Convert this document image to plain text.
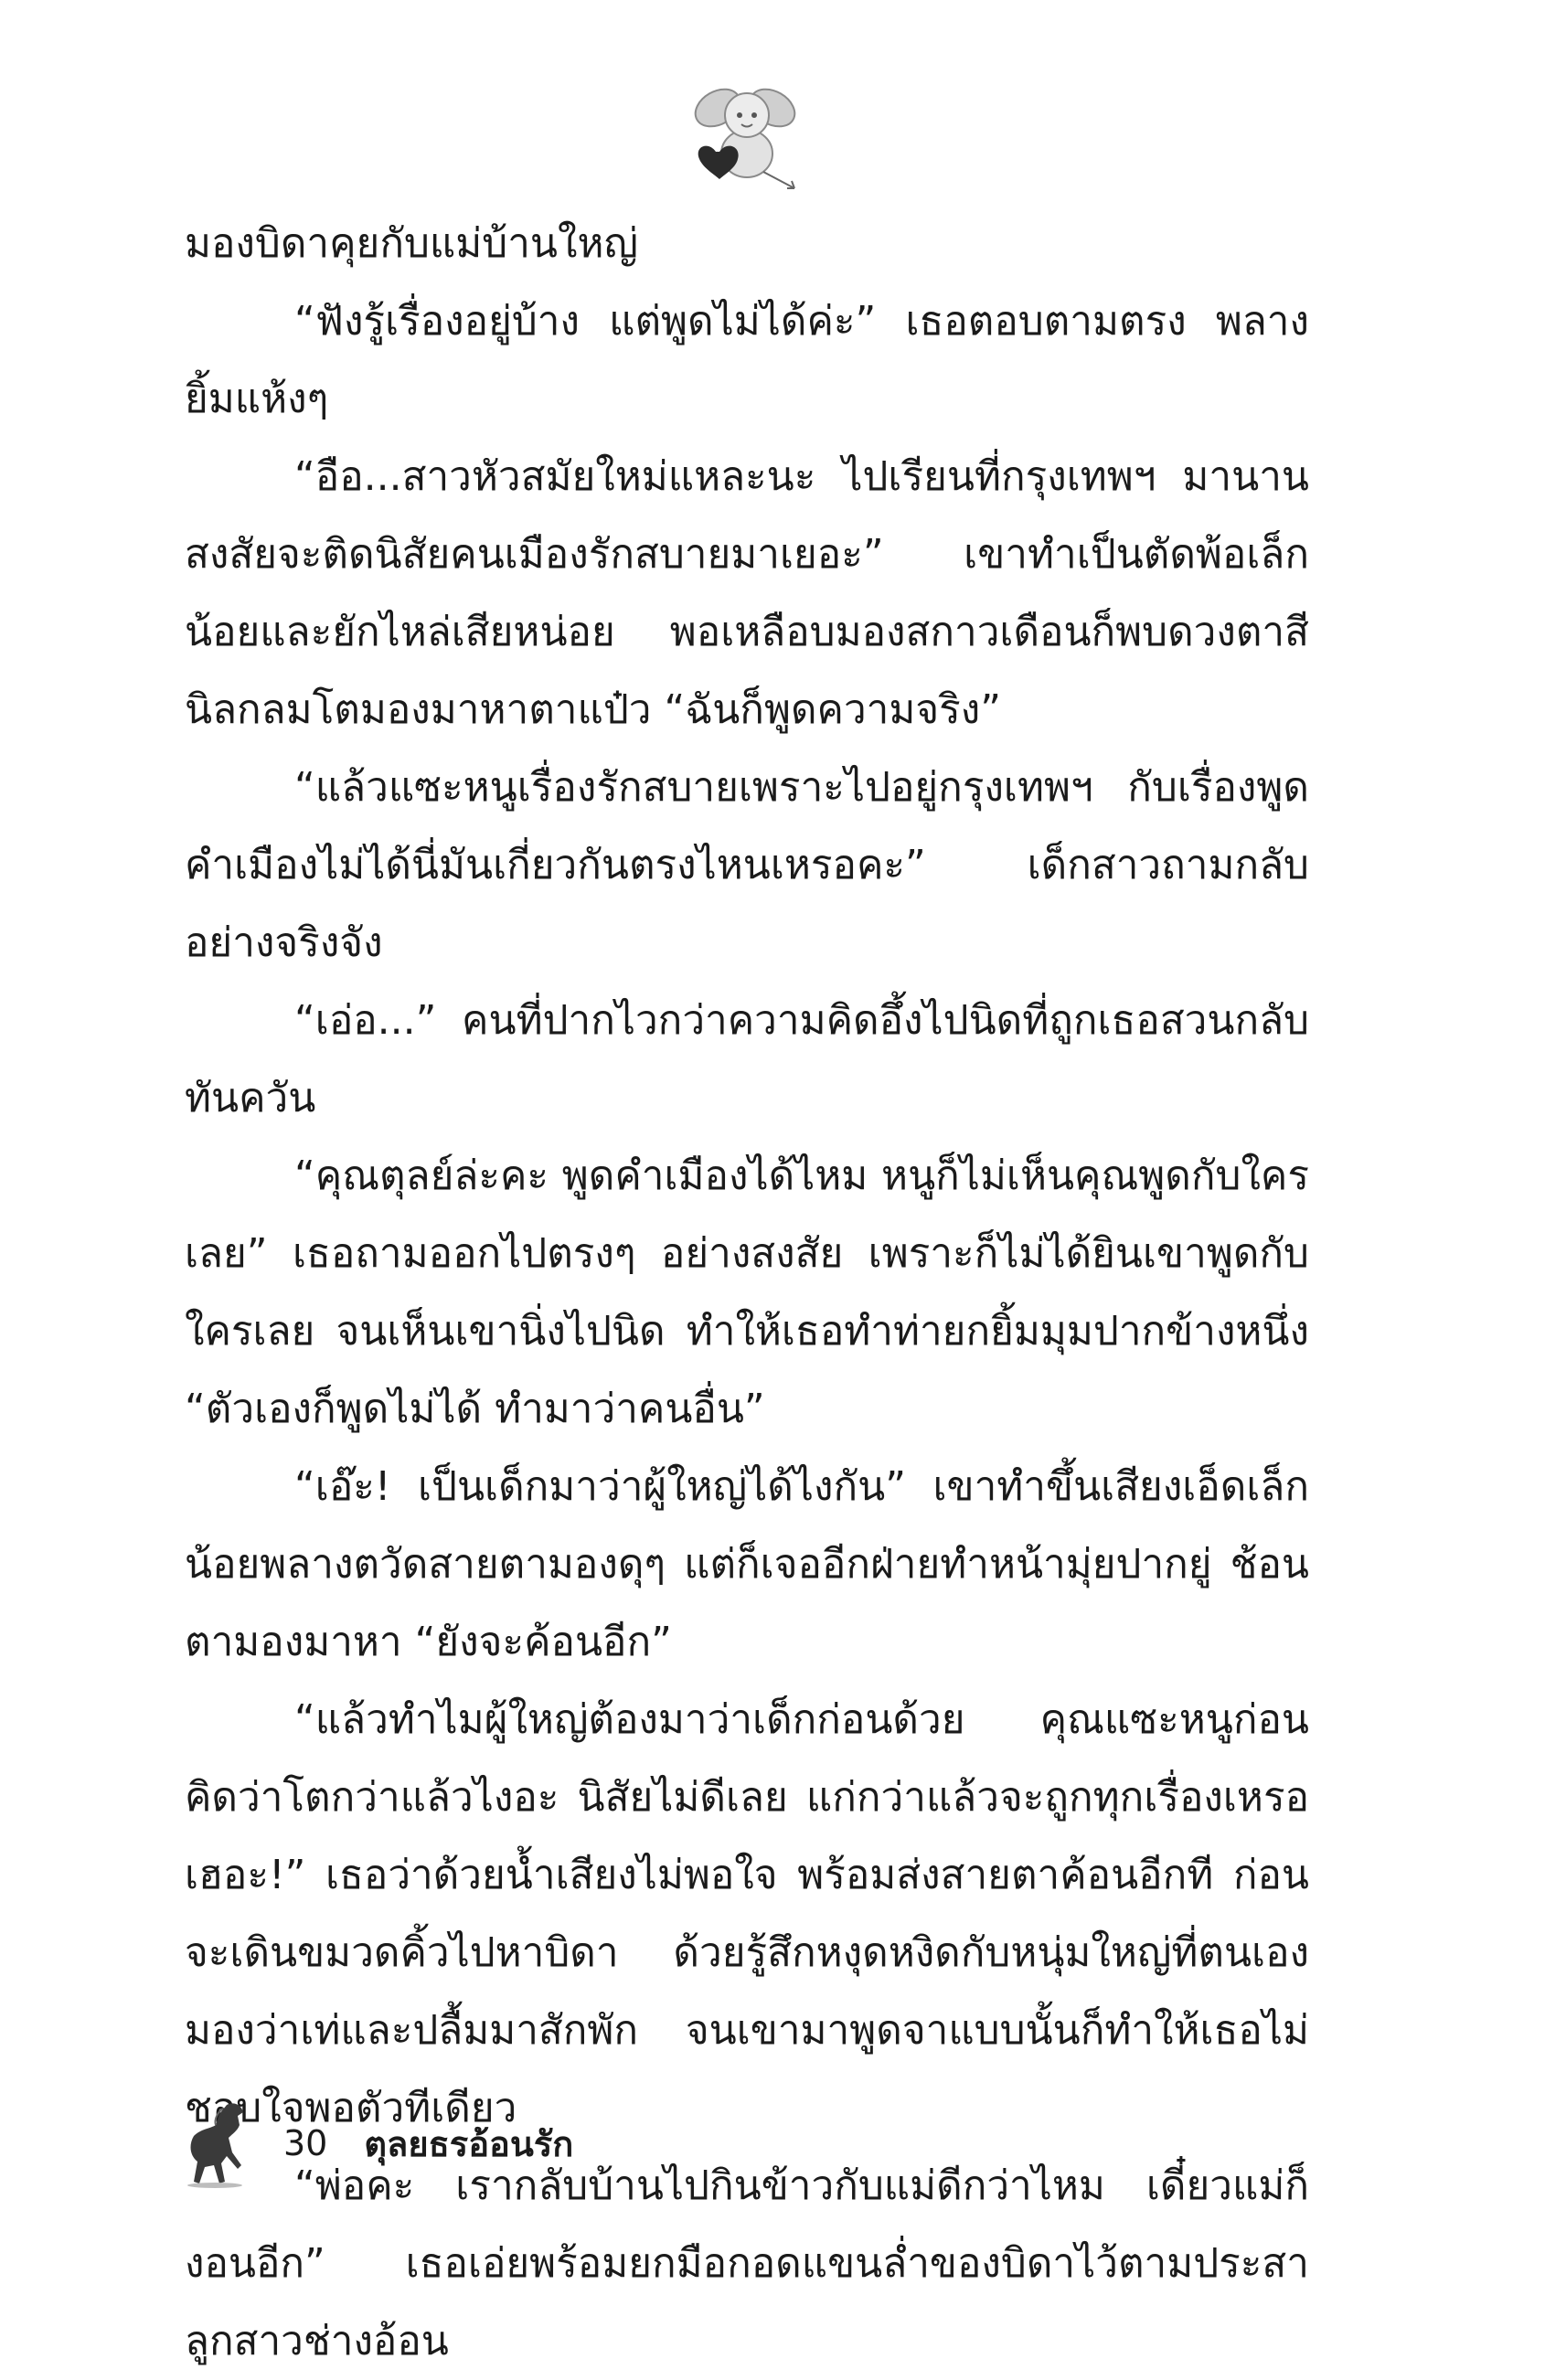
มองบิดาคุยกับแม่บ้านใหญ่

“ฟังรู้เรื่องอยู่บ้าง แต่พูดไม่ได้ค่ะ” เธอตอบตามตรง พลางยิ้มแห้งๆ

“อือ...สาวหัวสมัยใหม่แหละนะ ไปเรียนที่กรุงเทพฯ มานานสงสัยจะติดนิสัยคนเมืองรักสบายมาเยอะ” เขาทำเป็นตัดพ้อเล็กน้อยและยักไหล่เสียหน่อย พอเหลือบมองสกาวเดือนก็พบดวงตาสีนิลกลมโตมองมาหาตาแป๋ว “ฉันก็พูดความจริง”

“แล้วแซะหนูเรื่องรักสบายเพราะไปอยู่กรุงเทพฯ กับเรื่องพูดคำเมืองไม่ได้นี่มันเกี่ยวกันตรงไหนเหรอคะ” เด็กสาวถามกลับอย่างจริงจัง

“เอ่อ...” คนที่ปากไวกว่าความคิดอึ้งไปนิดที่ถูกเธอสวนกลับทันควัน

“คุณตุลย์ล่ะคะ พูดคำเมืองได้ไหม หนูก็ไม่เห็นคุณพูดกับใครเลย” เธอถามออกไปตรงๆ อย่างสงสัย เพราะก็ไม่ได้ยินเขาพูดกับใครเลย จนเห็นเขานิ่งไปนิด ทำให้เธอทำท่ายกยิ้มมุมปากข้างหนึ่ง “ตัวเองก็พูดไม่ได้ ทำมาว่าคนอื่น”

“เอ๊ะ! เป็นเด็กมาว่าผู้ใหญ่ได้ไงกัน” เขาทำขึ้นเสียงเอ็ดเล็กน้อยพลางตวัดสายตามองดุๆ แต่ก็เจออีกฝ่ายทำหน้ามุ่ยปากยู่ ช้อนตามองมาหา “ยังจะค้อนอีก”

“แล้วทำไมผู้ใหญ่ต้องมาว่าเด็กก่อนด้วย คุณแซะหนูก่อน คิดว่าโตกว่าแล้วไงอะ นิสัยไม่ดีเลย แก่กว่าแล้วจะถูกทุกเรื่องเหรอ เฮอะ!” เธอว่าด้วยน้ำเสียงไม่พอใจ พร้อมส่งสายตาค้อนอีกที ก่อนจะเดินขมวดคิ้วไปหาบิดา ด้วยรู้สึกหงุดหงิดกับหนุ่มใหญ่ที่ตนเองมองว่าเท่และปลื้มมาสักพัก จนเขามาพูดจาแบบนั้นก็ทำให้เธอไม่ชอบใจพอตัวทีเดียว

“พ่อคะ เรากลับบ้านไปกินข้าวกับแม่ดีกว่าไหม เดี๋ยวแม่ก็งอนอีก” เธอเอ่ยพร้อมยกมือกอดแขนล่ำของบิดาไว้ตามประสาลูกสาวช่างอ้อน

30 ตุลยธรอ้อนรัก
